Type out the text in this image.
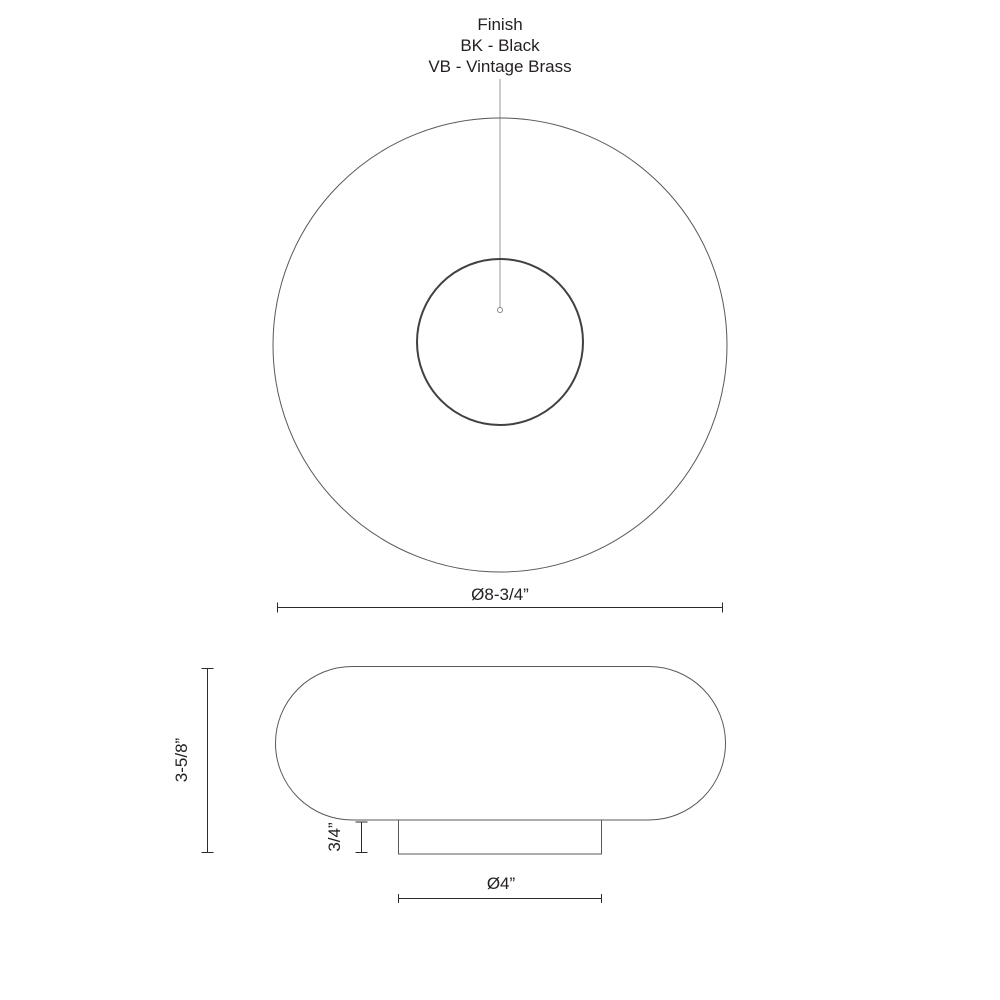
Finish
BK - Black
VB - Vintage Brass
Ø8-3/4”
3-5/8”
3/4”
Ø4”
